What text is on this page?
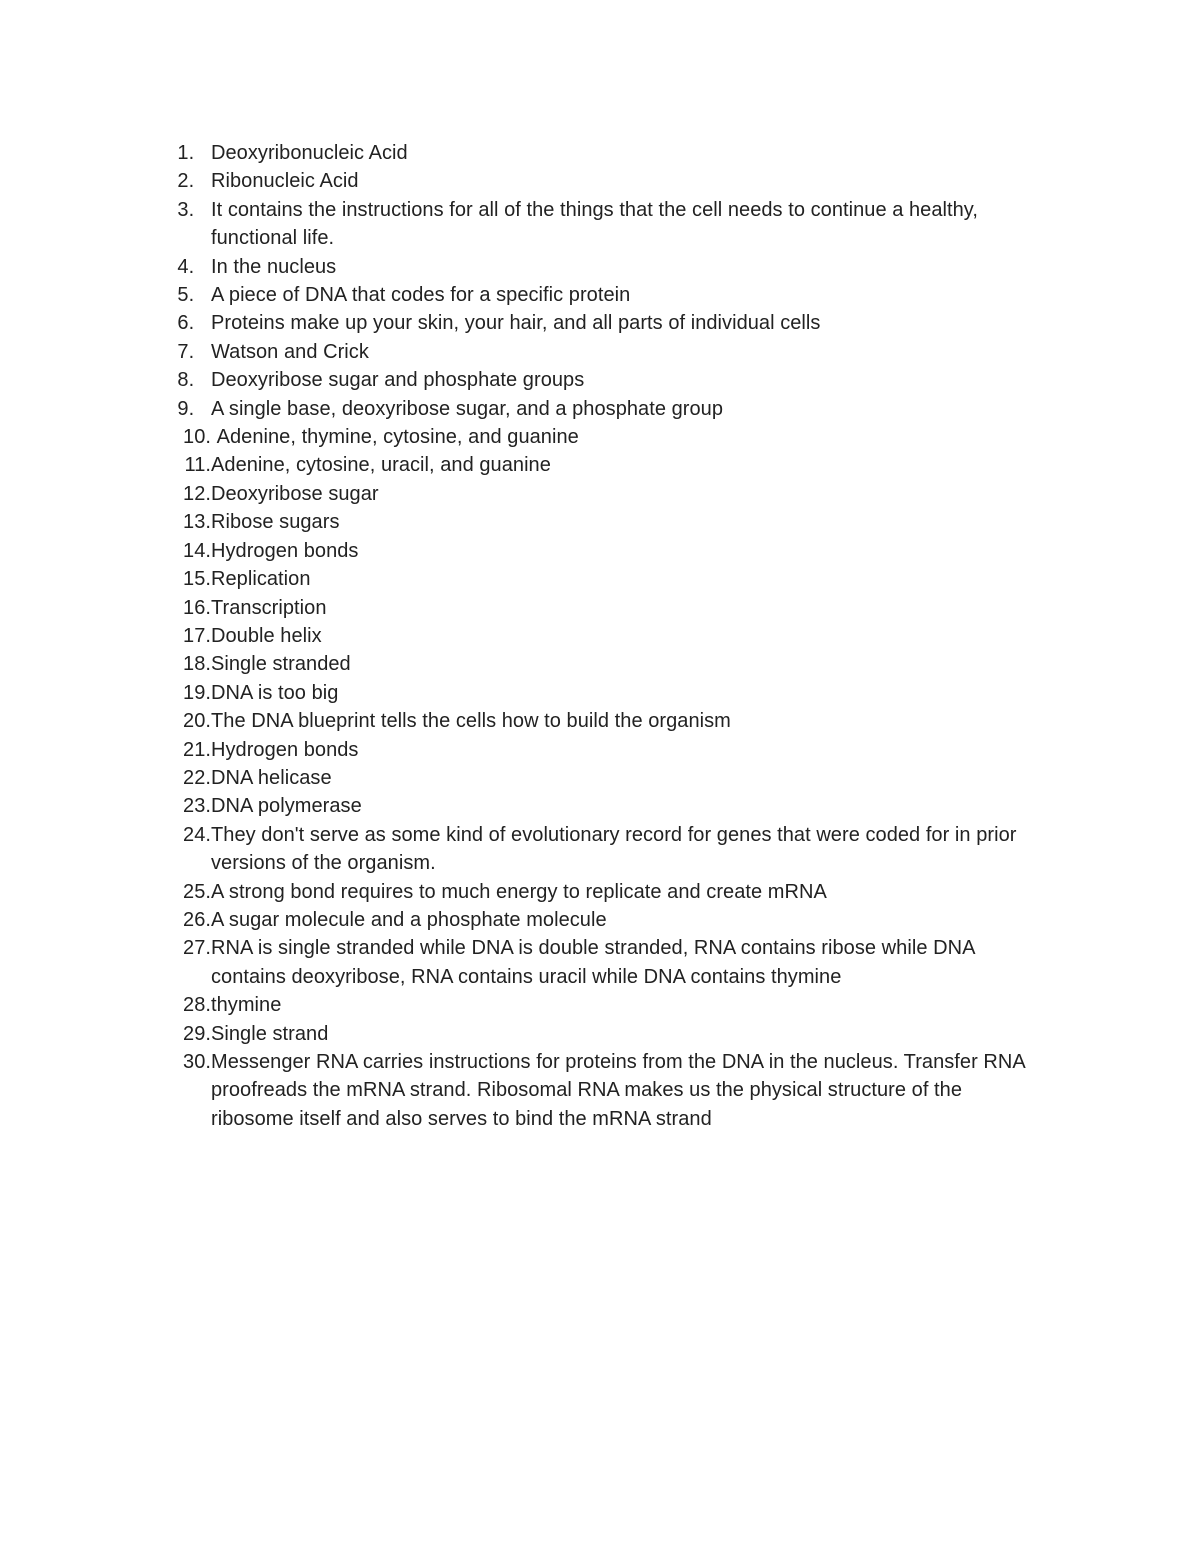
1. Deoxyribonucleic Acid
2. Ribonucleic Acid
3. It contains the instructions for all of the things that the cell needs to continue a healthy, functional life.
4. In the nucleus
5. A piece of DNA that codes for a specific protein
6. Proteins make up your skin, your hair, and all parts of individual cells
7. Watson and Crick
8. Deoxyribose sugar and phosphate groups
9. A single base, deoxyribose sugar, and a phosphate group
10. Adenine, thymine, cytosine, and guanine
11. Adenine, cytosine, uracil, and guanine
12. Deoxyribose sugar
13. Ribose sugars
14. Hydrogen bonds
15. Replication
16. Transcription
17. Double helix
18. Single stranded
19. DNA is too big
20. The DNA blueprint tells the cells how to build the organism
21. Hydrogen bonds
22. DNA helicase
23. DNA polymerase
24. They don't serve as some kind of evolutionary record for genes that were coded for in prior versions of the organism.
25. A strong bond requires to much energy to replicate and create mRNA
26. A sugar molecule and a phosphate molecule
27. RNA is single stranded while DNA is double stranded, RNA contains ribose while DNA contains deoxyribose, RNA contains uracil while DNA contains thymine
28. thymine
29. Single strand
30. Messenger RNA carries instructions for proteins from the DNA in the nucleus. Transfer RNA proofreads the mRNA strand. Ribosomal RNA makes us the physical structure of the ribosome itself and also serves to bind the mRNA strand
